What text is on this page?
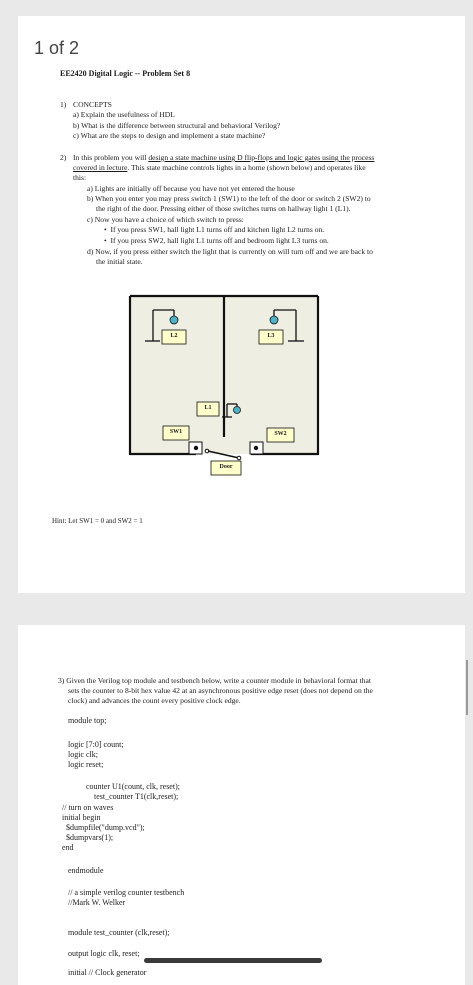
1 of 2
EE2420 Digital Logic -- Problem Set 8
1) CONCEPTS
a) Explain the usefulness of HDL
b) What is the difference between structural and behavioral Verilog?
c) What are the steps to design and implement a state machine?
2) In this problem you will design a state machine using D flip-flops and logic gates using the process
covered in lecture. This state machine controls lights in a home (shown below) and operates like
this:
a) Lights are initially off because you have not yet entered the house
b) When you enter you may press switch 1 (SW1) to the left of the door or switch 2 (SW2) to
the right of the door. Pressing either of those switches turns on hallway light 1 (L1).
c) Now you have a choice of which switch to press:
•  If you press SW1, hall light L1 turns off and kitchen light L2 turns on.
•  If you press SW2, hall light L1 turns off and bedroom light L3 turns on.
d) Now, if you press either switch the light that is currently on will turn off and we are back to
the initial state.
L2	L3
L1
SW1	SW2
Door
Hint: Let SW1 = 0 and SW2 = 1
3) Given the Verilog top module and testbench below, write a counter module in behavioral format that
sets the counter to 8-bit hex value 42 at an asynchronous positive edge reset (does not depend on the
clock) and advances the count every positive clock edge.
module top;
logic [7:0] count;
logic clk;
logic reset;
counter U1(count, clk, reset);
test_counter T1(clk,reset);
// turn on waves
initial begin
$dumpfile("dump.vcd");
$dumpvars(1);
end
endmodule
// a simple verilog counter testbench
//Mark W. Welker
module test_counter (clk,reset);
output logic clk, reset;
initial // Clock generator
